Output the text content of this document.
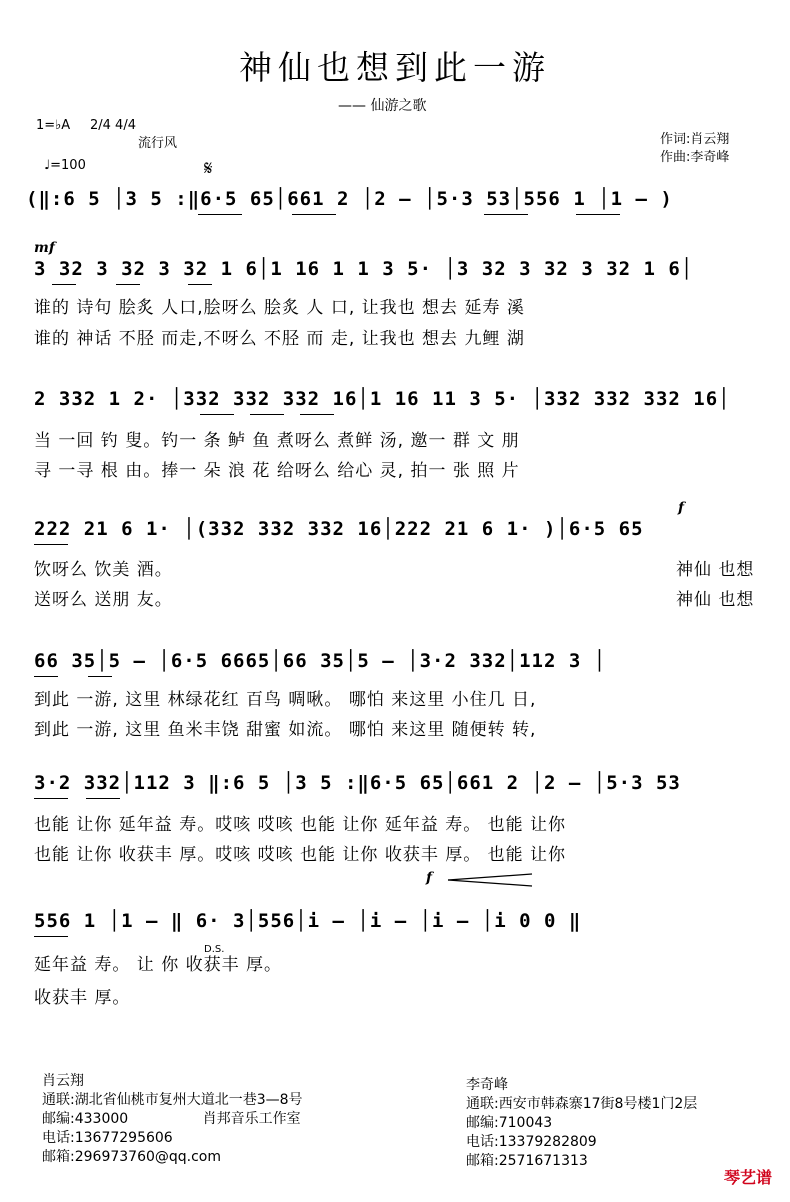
神仙也想到此一游
—— 仙游之歌
1=♭A 2/4 4/4
流行风
♩=100
作词:肖云翔
作曲:李奇峰
𝄋
(‖:6 5 │3 5 :‖6·5 65│661 2 │2 – │5·3 53│556 1 │1 – )
mf
3 32 3 32 3 32 1 6│1 16 1 1 3 5· │3 32 3 32 3 32 1 6│
谁的 诗句 脍炙 人口,脍呀么 脍炙 人 口, 让我也 想去 延寿 溪
谁的 神话 不胫 而走,不呀么 不胫 而 走, 让我也 想去 九鲤 湖
2 332 1 2· │332 332 332 16│1 16 11 3 5· │332 332 332 16│
当 一回 钓 叟。钓一 条 鲈 鱼 煮呀么 煮鲜 汤, 邀一 群 文 朋
寻 一寻 根 由。捧一 朵 浪 花 给呀么 给心 灵, 拍一 张 照 片
f
222 21 6 1· │(332 332 332 16│222 21 6 1· )│6·5 65
饮呀么 饮美 酒。
送呀么 送朋 友。
神仙 也想
神仙 也想
66 35│5 – │6·5 6665│66 35│5 – │3·2 332│112 3 │
到此 一游, 这里 林绿花红 百鸟 啁啾。 哪怕 来这里 小住几 日,
到此 一游, 这里 鱼米丰饶 甜蜜 如流。 哪怕 来这里 随便转 转,
3·2 332│112 3 ‖:6 5 │3 5 :‖6·5 65│661 2 │2 – │5·3 53
也能 让你 延年益 寿。哎咳 哎咳 也能 让你 延年益 寿。 也能 让你
也能 让你 收获丰 厚。哎咳 哎咳 也能 让你 收获丰 厚。 也能 让你
f
556 1 │1 – ‖ 6· 3│556│i – │i – │i – │i 0 0 ‖
D.S.
延年益 寿。 让 你 收获丰 厚。
收获丰 厚。
肖云翔
通联:湖北省仙桃市复州大道北一巷3—8号
邮编:433000	肖邦音乐工作室
电话:13677295606
邮箱:296973760@qq.com
李奇峰
通联:西安市韩森寨17街8号楼1门2层
邮编:710043
电话:13379282809
邮箱:2571671313
琴艺谱
